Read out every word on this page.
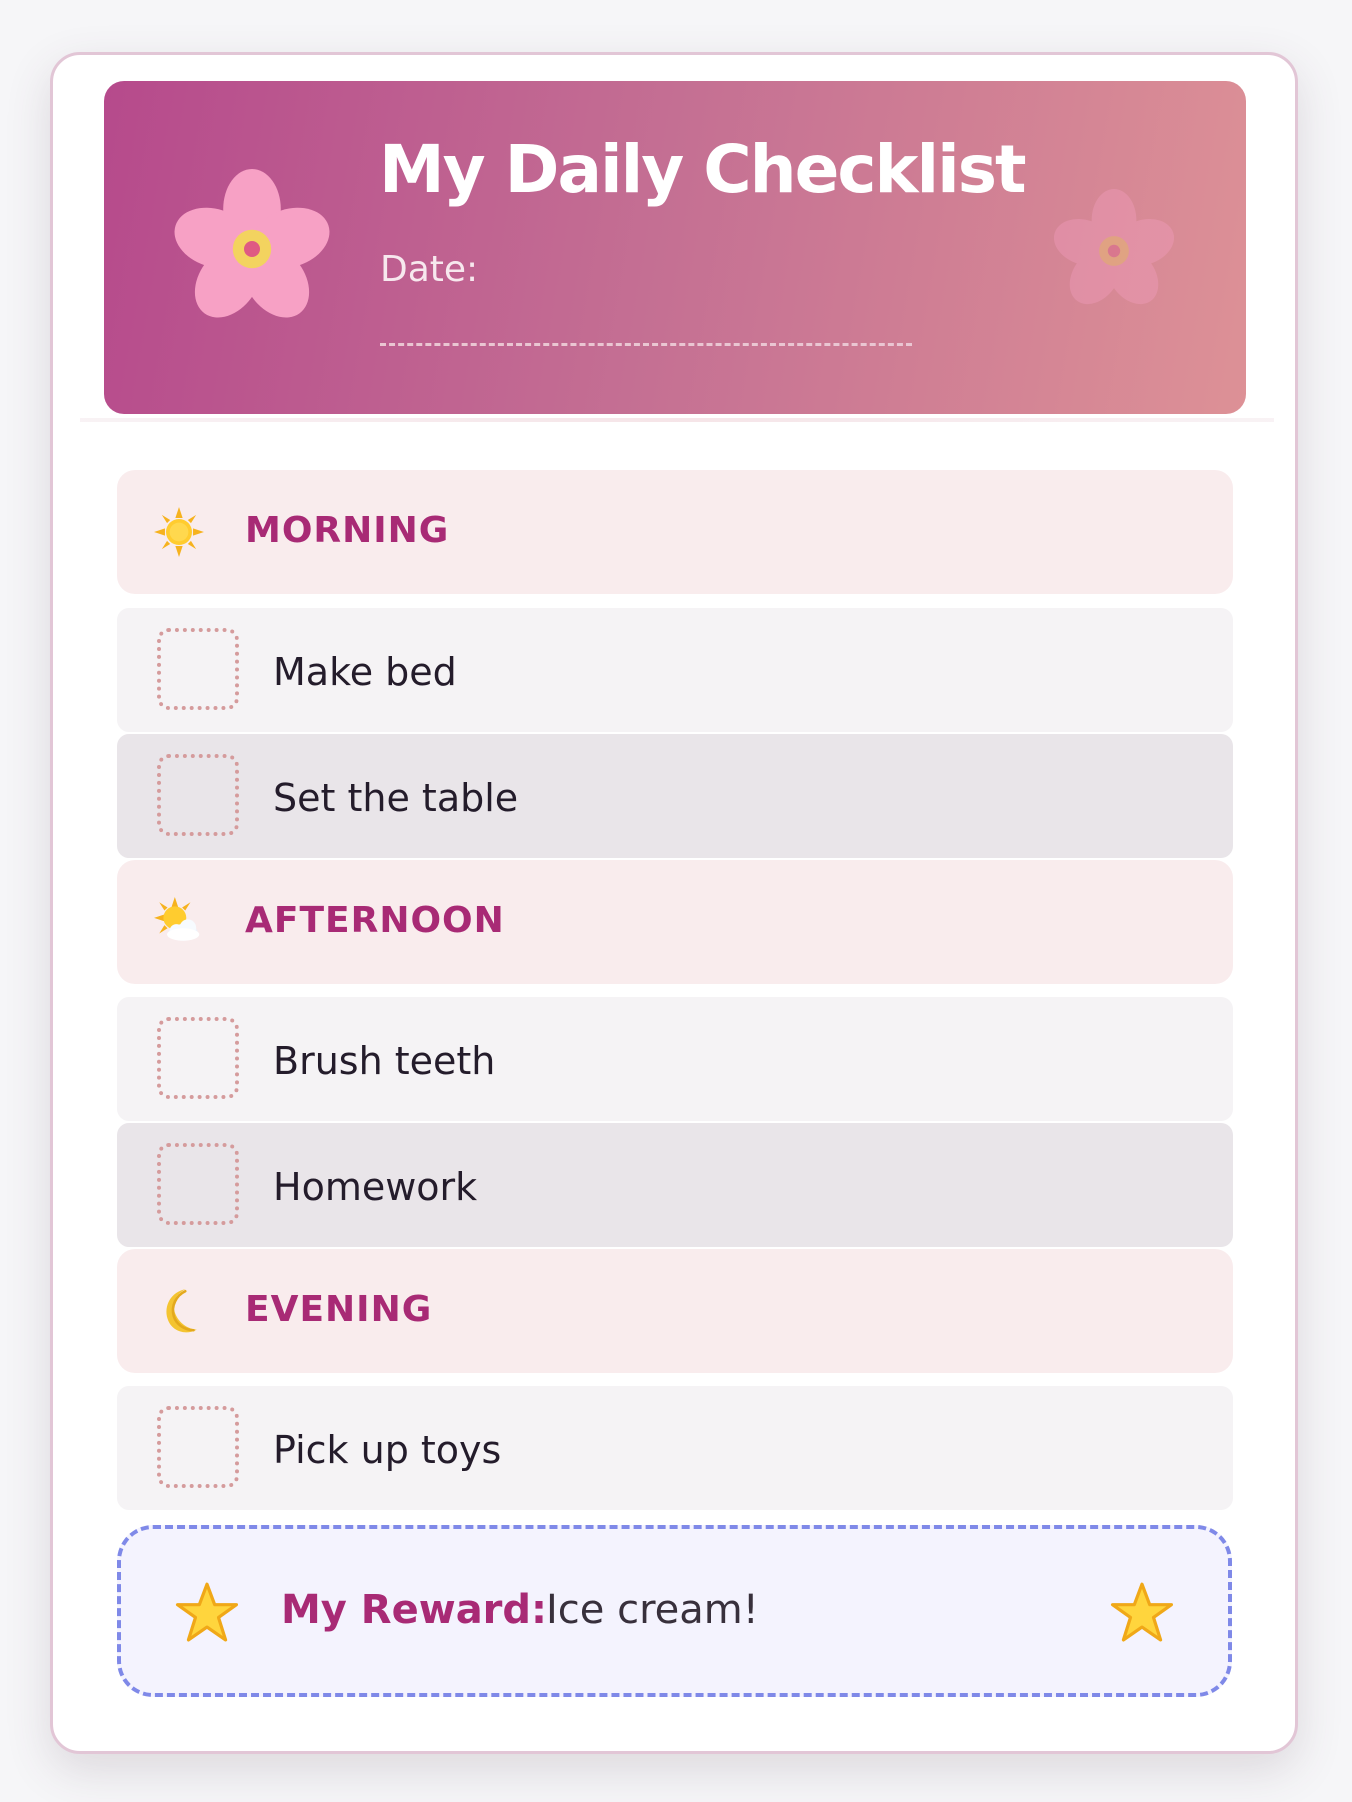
My Daily Checklist
Date:
MORNING
Make bed
Set the table
AFTERNOON
Brush teeth
Homework
EVENING
Pick up toys
My Reward:
Ice cream!
